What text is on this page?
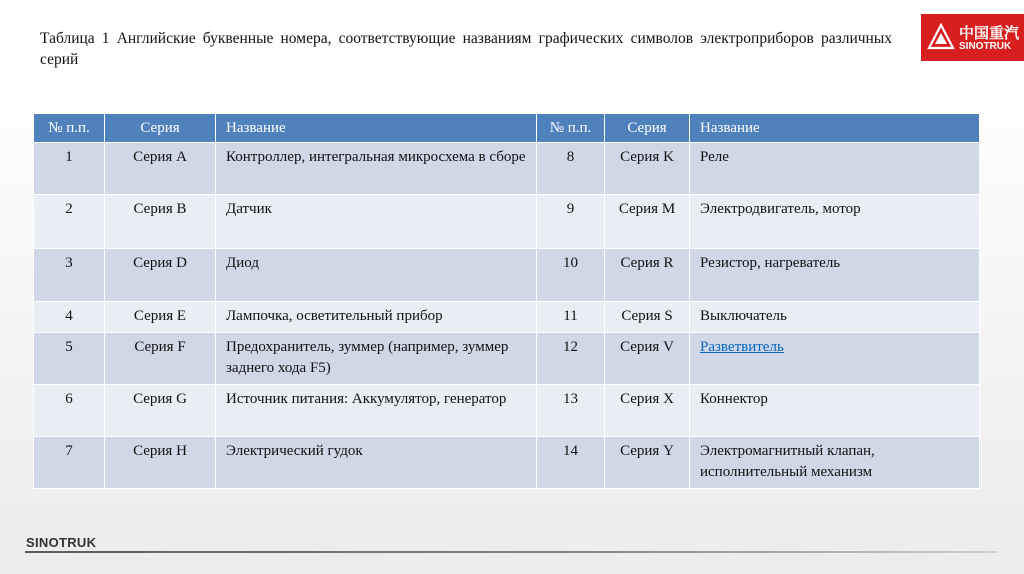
Таблица 1 Английские буквенные номера, соответствующие названиям графических символов электроприборов различных серий
中国重汽
SINOTRUK
№ п.п.	Серия	Название	№ п.п.	Серия	Название
1	Серия A	Контроллер, интегральная микросхема в сборе	8	Серия K	Реле
2	Серия B	Датчик	9	Серия M	Электродвигатель, мотор
3	Серия D	Диод	10	Серия R	Резистор, нагреватель
4	Серия E	Лампочка, осветительный прибор	11	Серия S	Выключатель
5	Серия F	Предохранитель, зуммер (например, зуммер заднего хода F5)	12	Серия V	Разветвитель
6	Серия G	Источник питания: Аккумулятор, генератор	13	Серия X	Коннектор
7	Серия H	Электрический гудок	14	Серия Y	Электромагнитный клапан, исполнительный механизм
SINOTRUK
